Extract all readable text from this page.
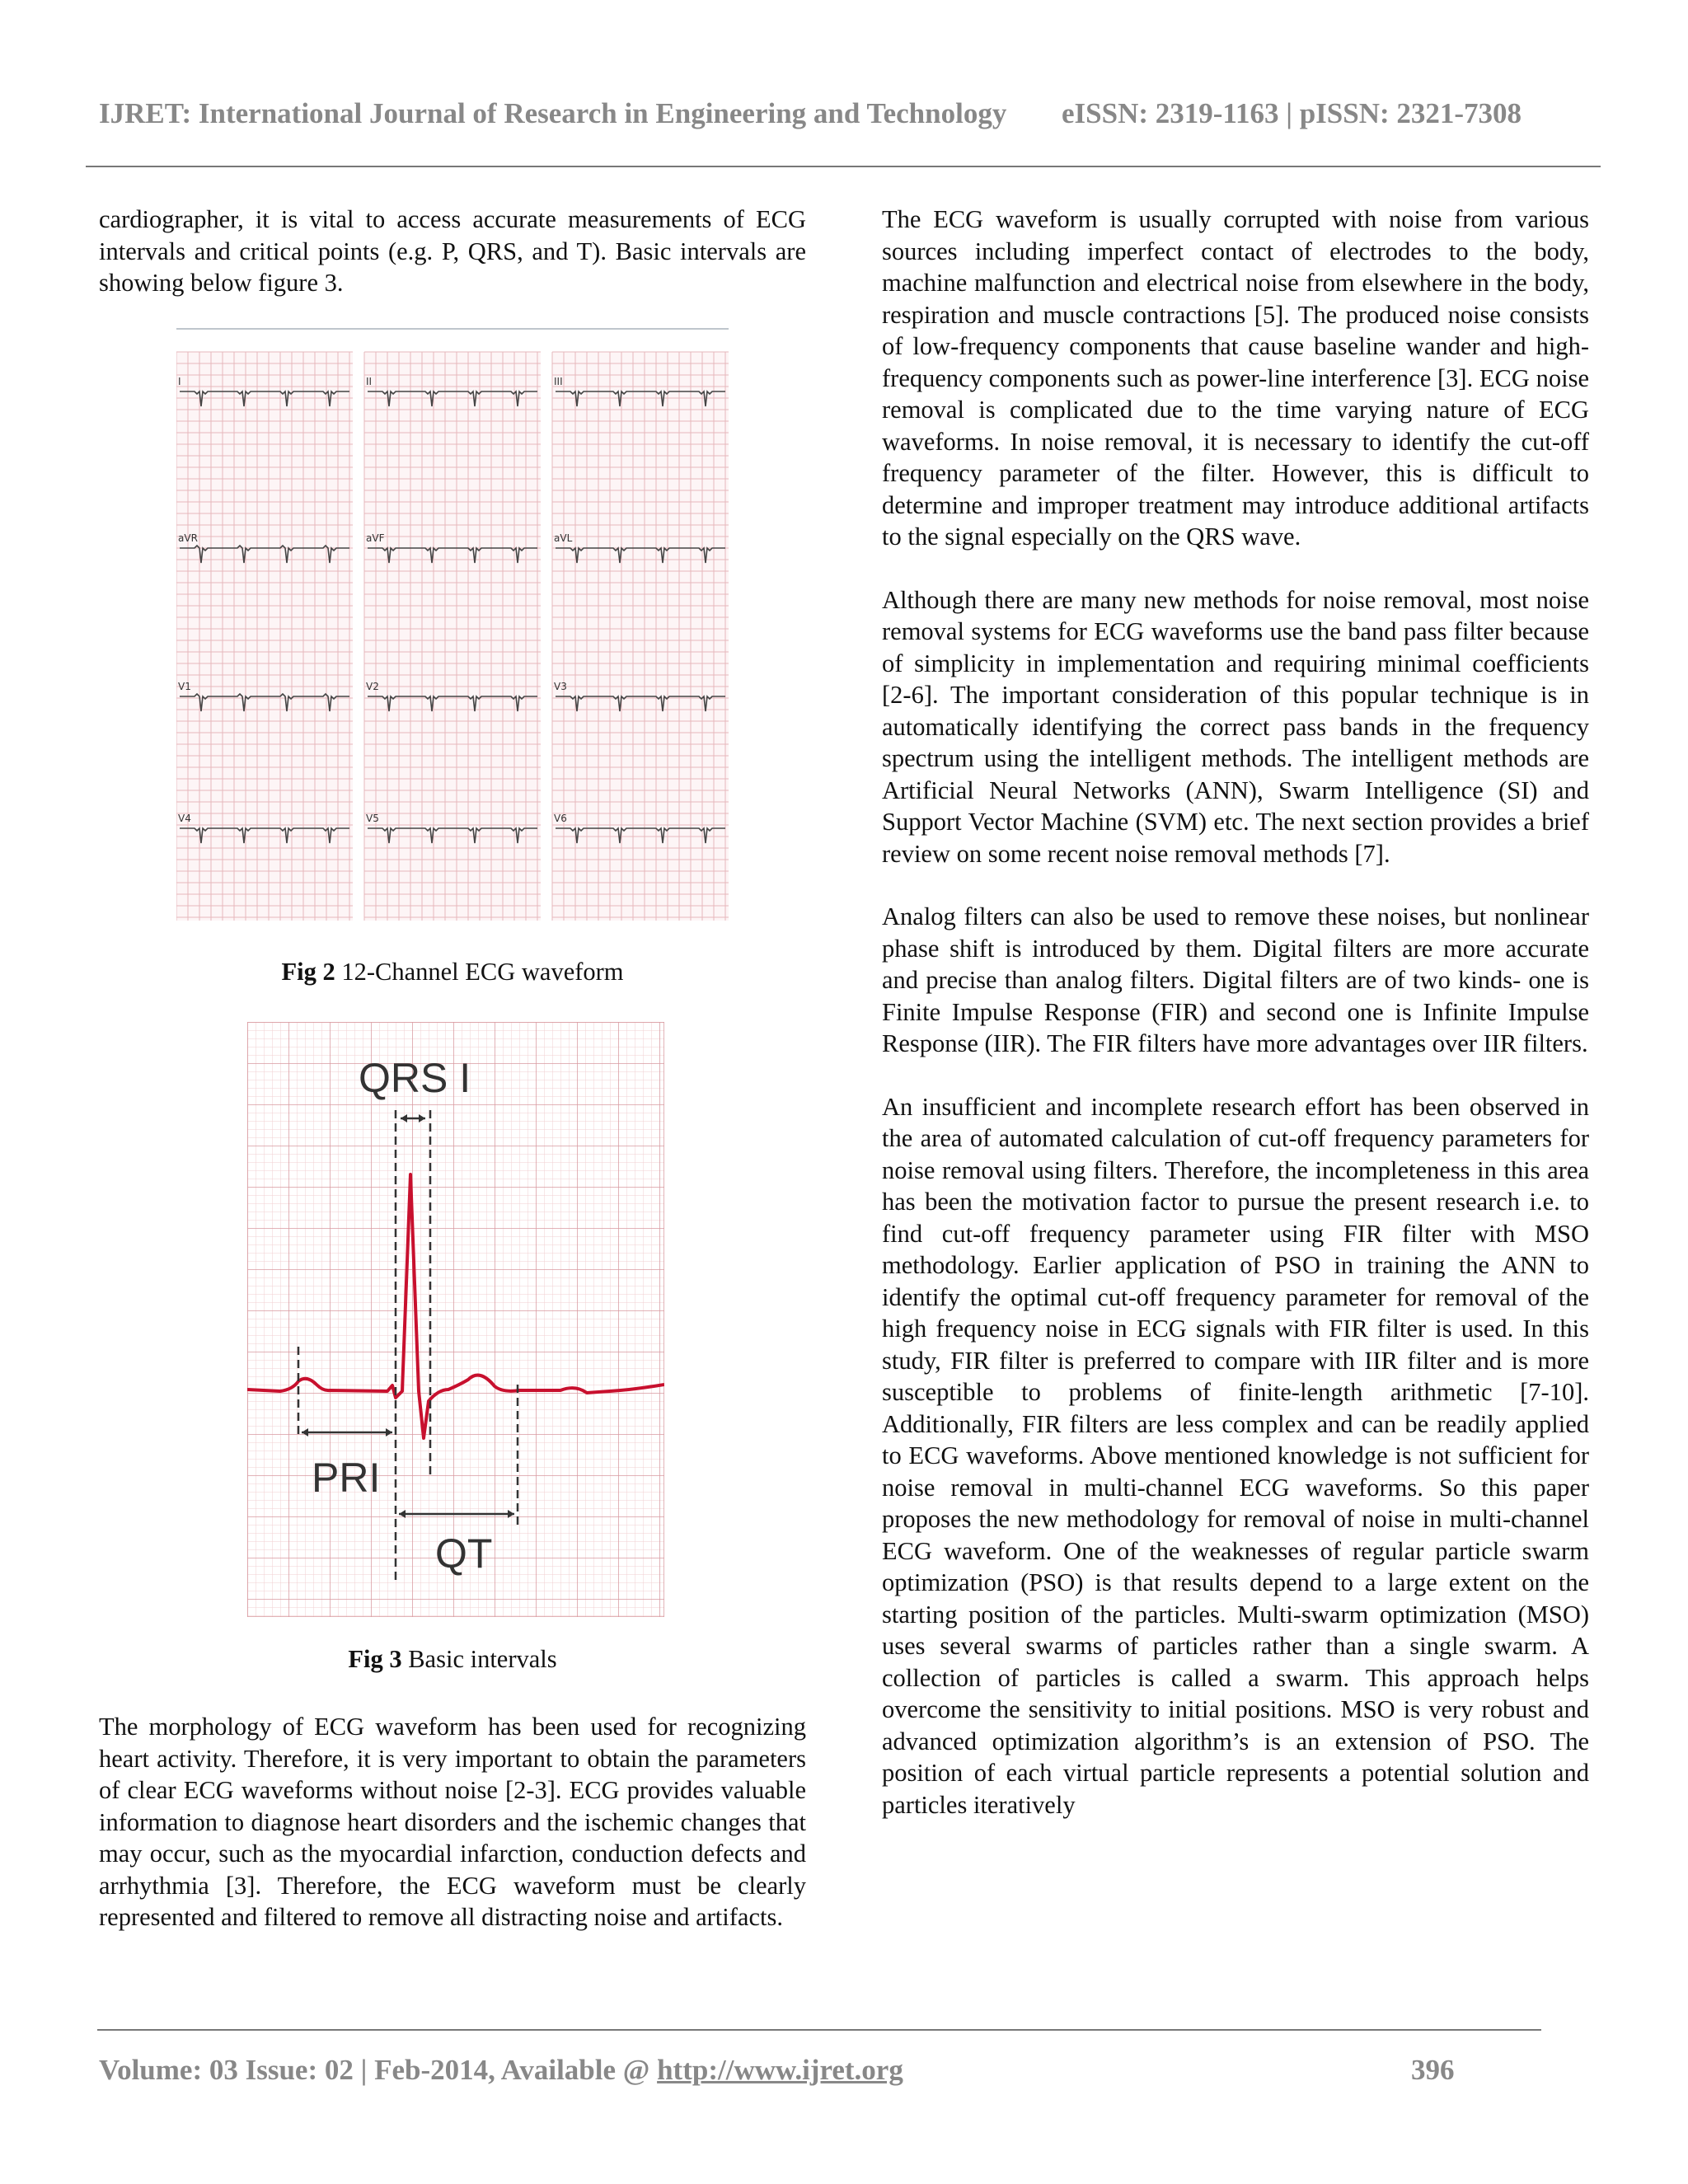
IJRET: International Journal of Research in Engineering and Technology eISSN: 2319-1163 | pISSN: 2321-7308

cardiographer, it is vital to access accurate measurements of ECG intervals and critical points (e.g. P, QRS, and T). Basic intervals are showing below figure 3.

I	II	III
aVR	aVF	aVL
V1	V2	V3
V4	V5	V6
Fig 2 12-Channel ECG waveform
QRS I
PRI
QT
Fig 3 Basic intervals
The morphology of ECG waveform has been used for recognizing heart activity. Therefore, it is very important to obtain the parameters of clear ECG waveforms without noise [2-3]. ECG provides valuable information to diagnose heart disorders and the ischemic changes that may occur, such as the myocardial infarction, conduction defects and arrhythmia [3]. Therefore, the ECG waveform must be clearly represented and filtered to remove all distracting noise and artifacts.

The ECG waveform is usually corrupted with noise from various sources including imperfect contact of electrodes to the body, machine malfunction and electrical noise from elsewhere in the body, respiration and muscle contractions [5]. The produced noise consists of low-frequency components that cause baseline wander and high-frequency components such as power-line interference [3]. ECG noise removal is complicated due to the time varying nature of ECG waveforms. In noise removal, it is necessary to identify the cut-off frequency parameter of the filter. However, this is difficult to determine and improper treatment may introduce additional artifacts to the signal especially on the QRS wave.

Although there are many new methods for noise removal, most noise removal systems for ECG waveforms use the band pass filter because of simplicity in implementation and requiring minimal coefficients [2-6]. The important consideration of this popular technique is in automatically identifying the correct pass bands in the frequency spectrum using the intelligent methods. The intelligent methods are Artificial Neural Networks (ANN), Swarm Intelligence (SI) and Support Vector Machine (SVM) etc. The next section provides a brief review on some recent noise removal methods [7].

Analog filters can also be used to remove these noises, but nonlinear phase shift is introduced by them. Digital filters are more accurate and precise than analog filters. Digital filters are of two kinds- one is Finite Impulse Response (FIR) and second one is Infinite Impulse Response (IIR). The FIR filters have more advantages over IIR filters.

An insufficient and incomplete research effort has been observed in the area of automated calculation of cut-off frequency parameters for noise removal using filters. Therefore, the incompleteness in this area has been the motivation factor to pursue the present research i.e. to find cut-off frequency parameter using FIR filter with MSO methodology. Earlier application of PSO in training the ANN to identify the optimal cut-off frequency parameter for removal of the high frequency noise in ECG signals with FIR filter is used. In this study, FIR filter is preferred to compare with IIR filter and is more susceptible to problems of finite-length arithmetic [7-10]. Additionally, FIR filters are less complex and can be readily applied to ECG waveforms. Above mentioned knowledge is not sufficient for noise removal in multi-channel ECG waveforms. So this paper proposes the new methodology for removal of noise in multi-channel ECG waveform. One of the weaknesses of regular particle swarm optimization (PSO) is that results depend to a large extent on the starting position of the particles. Multi-swarm optimization (MSO) uses several swarms of particles rather than a single swarm. A collection of particles is called a swarm. This approach helps overcome the sensitivity to initial positions. MSO is very robust and advanced optimization algorithm’s is an extension of PSO. The position of each virtual particle represents a potential solution and particles iteratively

Volume: 03 Issue: 02 | Feb-2014, Available @ http://www.ijret.org	396
